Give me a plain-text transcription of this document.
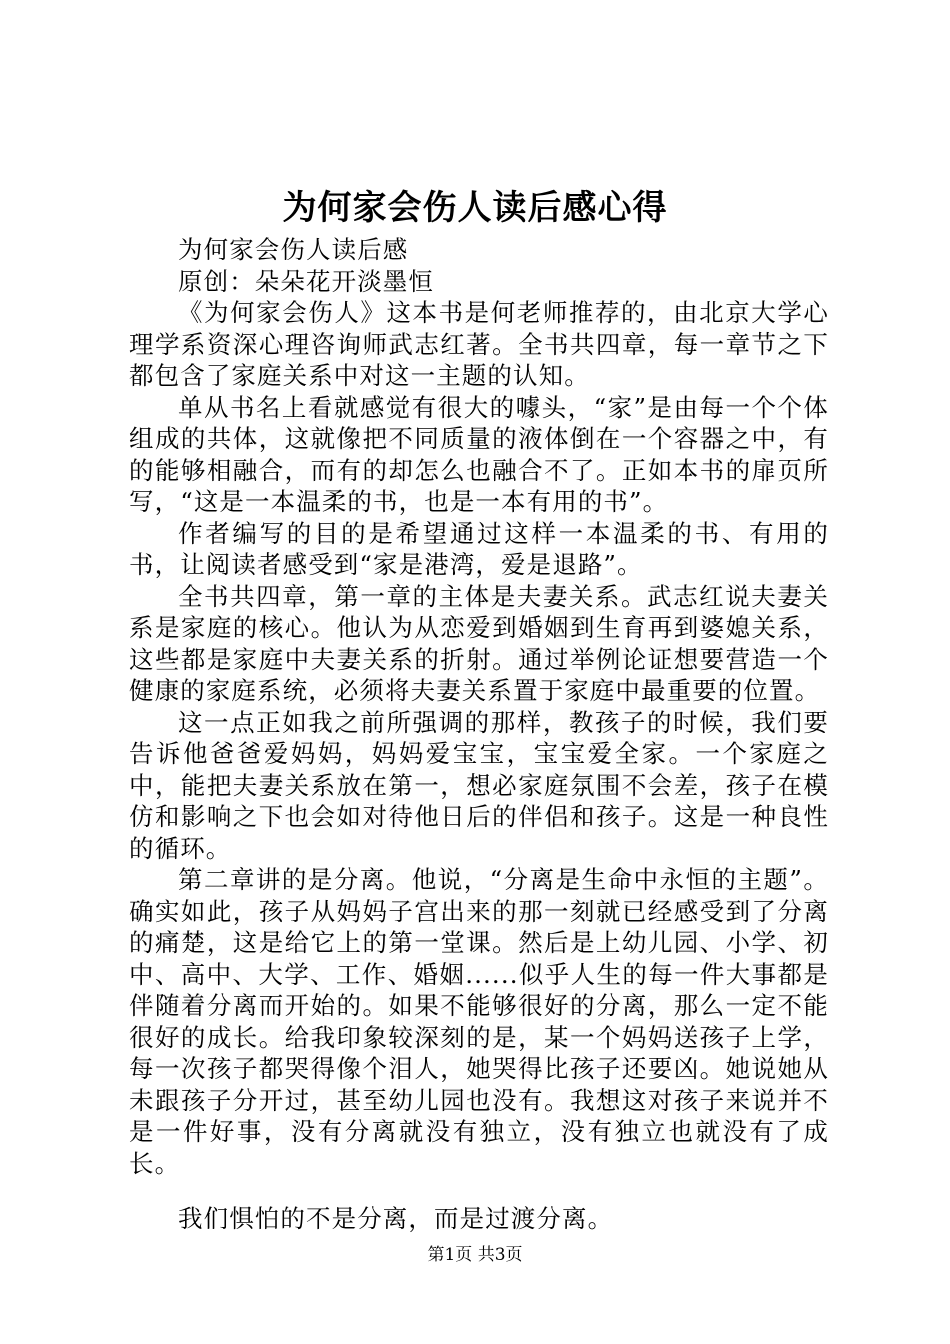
为何家会伤人读后感心得

为何家会伤人读后感

原创：朵朵花开淡墨恒

《为何家会伤人》这本书是何老师推荐的，由北京大学心理学系资深心理咨询师武志红著。全书共四章，每一章节之下都包含了家庭关系中对这一主题的认知。

单从书名上看就感觉有很大的噱头，“家”是由每一个个体组成的共体，这就像把不同质量的液体倒在一个容器之中，有的能够相融合，而有的却怎么也融合不了。正如本书的扉页所写，“这是一本温柔的书，也是一本有用的书”。

作者编写的目的是希望通过这样一本温柔的书、有用的书，让阅读者感受到“家是港湾，爱是退路”。

全书共四章，第一章的主体是夫妻关系。武志红说夫妻关系是家庭的核心。他认为从恋爱到婚姻到生育再到婆媳关系，这些都是家庭中夫妻关系的折射。通过举例论证想要营造一个健康的家庭系统，必须将夫妻关系置于家庭中最重要的位置。

这一点正如我之前所强调的那样，教孩子的时候，我们要告诉他爸爸爱妈妈，妈妈爱宝宝，宝宝爱全家。一个家庭之中，能把夫妻关系放在第一，想必家庭氛围不会差，孩子在模仿和影响之下也会如对待他日后的伴侣和孩子。这是一种良性的循环。

第二章讲的是分离。他说，“分离是生命中永恒的主题”。确实如此，孩子从妈妈子宫出来的那一刻就已经感受到了分离的痛楚，这是给它上的第一堂课。然后是上幼儿园、小学、初中、高中、大学、工作、婚姻......似乎人生的每一件大事都是伴随着分离而开始的。如果不能够很好的分离，那么一定不能很好的成长。给我印象较深刻的是，某一个妈妈送孩子上学，每一次孩子都哭得像个泪人，她哭得比孩子还要凶。她说她从未跟孩子分开过，甚至幼儿园也没有。我想这对孩子来说并不是一件好事，没有分离就没有独立，没有独立也就没有了成长。

我们惧怕的不是分离，而是过渡分离。

第1页 共3页
